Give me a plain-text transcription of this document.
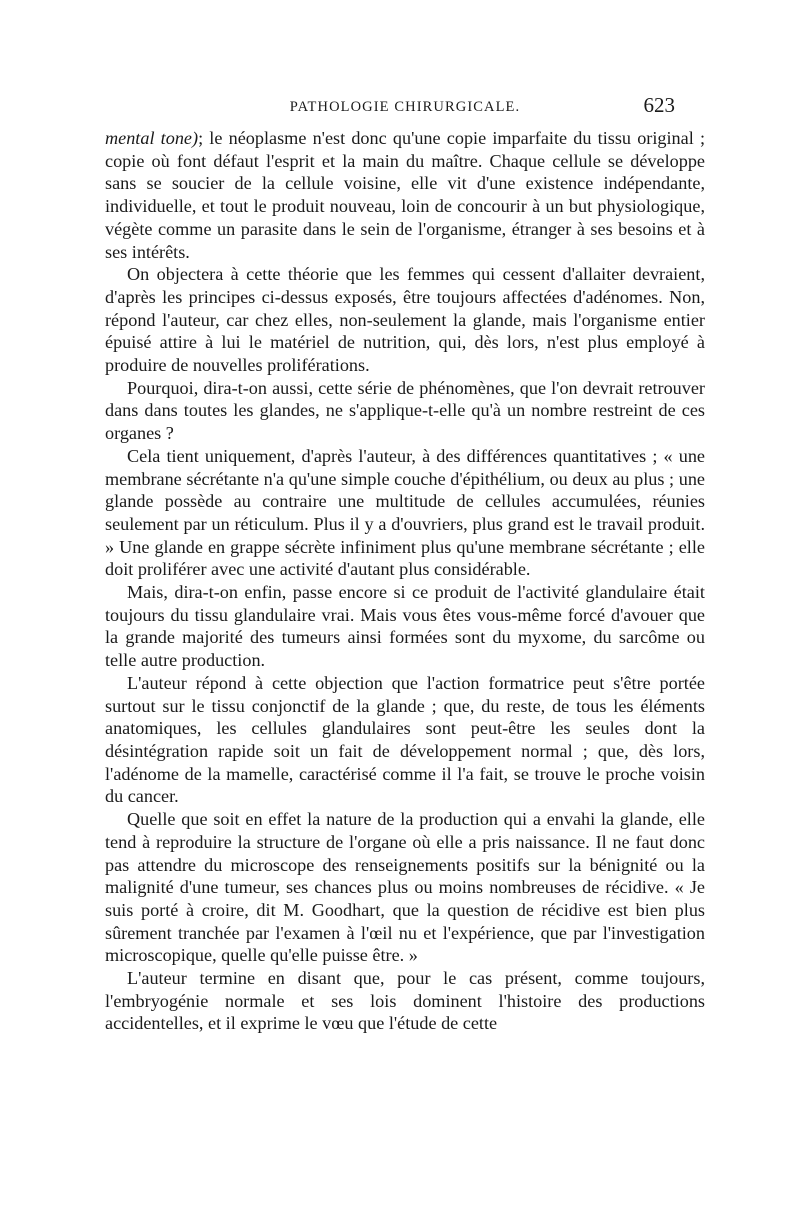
PATHOLOGIE CHIRURGICALE.	623

mental tone); le néoplasme n'est donc qu'une copie imparfaite du tissu original ; copie où font défaut l'esprit et la main du maître. Chaque cellule se développe sans se soucier de la cellule voisine, elle vit d'une existence indépendante, individuelle, et tout le produit nouveau, loin de concourir à un but physiologique, végète comme un parasite dans le sein de l'organisme, étranger à ses besoins et à ses intérêts.

On objectera à cette théorie que les femmes qui cessent d'allaiter devraient, d'après les principes ci-dessus exposés, être toujours affectées d'adénomes. Non, répond l'auteur, car chez elles, non-seulement la glande, mais l'organisme entier épuisé attire à lui le matériel de nutrition, qui, dès lors, n'est plus employé à produire de nouvelles proliférations.

Pourquoi, dira-t-on aussi, cette série de phénomènes, que l'on devrait retrouver dans dans toutes les glandes, ne s'applique-t-elle qu'à un nombre restreint de ces organes ?

Cela tient uniquement, d'après l'auteur, à des différences quantitatives ; « une membrane sécrétante n'a qu'une simple couche d'épithélium, ou deux au plus ; une glande possède au contraire une multitude de cellules accumulées, réunies seulement par un réticulum. Plus il y a d'ouvriers, plus grand est le travail produit. » Une glande en grappe sécrète infiniment plus qu'une membrane sécrétante ; elle doit proliférer avec une activité d'autant plus considérable.

Mais, dira-t-on enfin, passe encore si ce produit de l'activité glandulaire était toujours du tissu glandulaire vrai. Mais vous êtes vous-même forcé d'avouer que la grande majorité des tumeurs ainsi formées sont du myxome, du sarcôme ou telle autre production.

L'auteur répond à cette objection que l'action formatrice peut s'être portée surtout sur le tissu conjonctif de la glande ; que, du reste, de tous les éléments anatomiques, les cellules glandulaires sont peut-être les seules dont la désintégration rapide soit un fait de développement normal ; que, dès lors, l'adénome de la mamelle, caractérisé comme il l'a fait, se trouve le proche voisin du cancer.

Quelle que soit en effet la nature de la production qui a envahi la glande, elle tend à reproduire la structure de l'organe où elle a pris naissance. Il ne faut donc pas attendre du microscope des renseignements positifs sur la bénignité ou la malignité d'une tumeur, ses chances plus ou moins nombreuses de récidive. « Je suis porté à croire, dit M. Goodhart, que la question de récidive est bien plus sûrement tranchée par l'examen à l'œil nu et l'expérience, que par l'investigation microscopique, quelle qu'elle puisse être. »

L'auteur termine en disant que, pour le cas présent, comme toujours, l'embryogénie normale et ses lois dominent l'histoire des productions accidentelles, et il exprime le vœu que l'étude de cette
